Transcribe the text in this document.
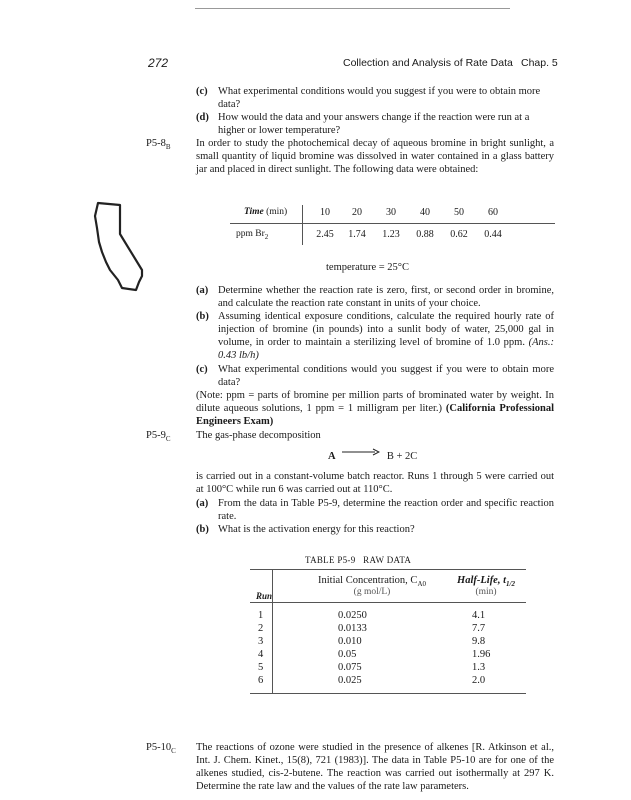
272	Collection and Analysis of Rate Data Chap. 5
(c) What experimental conditions would you suggest if you were to obtain more data?
(d) How would the data and your answers change if the reaction were run at a higher or lower temperature?
$P5-8_B$ In order to study the photochemical decay of aqueous bromine in bright sunlight, a small quantity of liquid bromine was dissolved in water contained in a glass battery jar and placed in direct sunlight. The following data were obtained:
Time (min)	10	20	30	40	50	60
ppm $Br_2$	2.45	1.74	1.23	0.88	0.62	0.44
temperature = 25°C
(a) Determine whether the reaction rate is zero, first, or second order in bromine, and calculate the reaction rate constant in units of your choice.
(b) Assuming identical exposure conditions, calculate the required hourly rate of injection of bromine (in pounds) into a sunlit body of water, 25,000 gal in volume, in order to maintain a sterilizing level of bromine of 1.0 ppm. (Ans.: 0.43 lb/h)
(c) What experimental conditions would you suggest if you were to obtain more data?
(Note: ppm = parts of bromine per million parts of brominated water by weight. In dilute aqueous solutions, 1 ppm = 1 milligram per liter.) (California Professional Engineers Exam)
$P5-9_C$ The gas-phase decomposition
A → B + 2C
is carried out in a constant-volume batch reactor. Runs 1 through 5 were carried out at 100°C while run 6 was carried out at 110°C.
(a) From the data in Table P5-9, determine the reaction order and specific reaction rate.
(b) What is the activation energy for this reaction?
TABLE P5-9   RAW DATA
Run
Initial Concentration, $C_{A0}$
(g mol/L)
Half-Life, $t_{1/2}$
(min)
1	0.0250	4.1
2	0.0133	7.7
3	0.010	9.8
4	0.05	1.96
5	0.075	1.3
6	0.025	2.0
$P5-10_C$ The reactions of ozone were studied in the presence of alkenes [R. Atkinson et al., Int. J. Chem. Kinet., 15(8), 721 (1983)]. The data in Table P5-10 are for one of the alkenes studied, cis-2-butene. The reaction was carried out isothermally at 297 K. Determine the rate law and the values of the rate law parameters.
